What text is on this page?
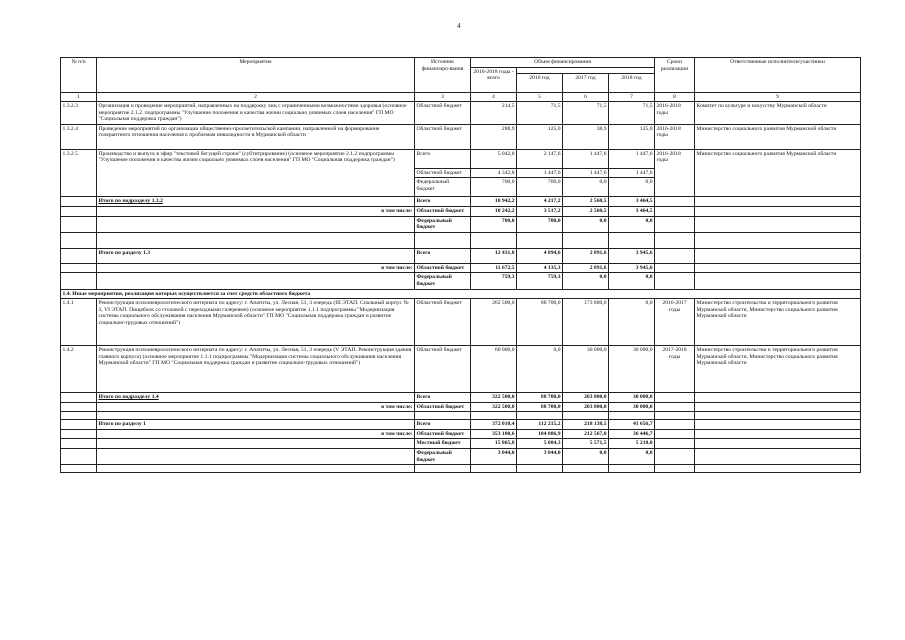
4
№ п/п	Мероприятие	Источник финансиро-вания	Объем финансирования				Сроки реализации	Ответственные исполнители/участники
			2016-2018 годы - всего					
				2016 год	2017 год	2018 год		
1	2	3	4	5	6	7	8	9
1.3.2.3	Организация и проведение мероприятий, направленных на поддержку лиц с ограниченными возможностями здоровья (основное мероприятие 2.1.2. подпрограммы "Улучшение положения и качества жизни социально уязвимых слоев населения" ГП МО "Социальная поддержка граждан")	Областной бюджет	214,5	71,5	71,5	71,5	2016-2018 годы	Комитет по культуре и искусству Мурманской области
1.3.2.4	Проведение мероприятий по организации общественно-просветительской кампании, направленной на формирование толерантного отношения населения к проблемам инвалидности в Мурманской области	Областной бюджет	288,9	125,0	38,9	125,0	2016-2018 годы	Министерство социального развития Мурманской области
1.3.2.5	Производство и выпуск в эфир "текстовой бегущей строки" (субтитрирование) (основное мероприятие 2.1.2 подпрограммы "Улучшение положения и качества жизни социально уязвимых слоев населения" ГП МО "Социальная поддержка граждан")	Всего	5 042,8	2 147,6	1 447,6	1 447,6	2016-2018 годы	Министерство социального развития Мурманской области
		Областной бюджет	4 342,8	1 447,6	1 447,6	1 447,6		
		Федеральный бюджет	700,0	700,0	0,0	0,0		
	Итого по подразделу 1.3.2	Всего	10 942,2	4 217,2	2 560,5	3 464,5		
	в том числе:	Областной бюджет	10 242,2	3 517,2	2 560,5	3 464,5		
		Федеральный бюджет	700,0	700,0	0,0	0,0		

	Итого по разделу 1.3	Всего	12 431,8	4 894,6	2 891,6	3 945,6		
	в том числе:	Областной бюджет	11 672,5	4 135,3	2 891,6	3 945,6		
		Федеральный бюджет	759,3	759,3	0,0	0,0		
1.4. Иные мероприятия, реализация которых осуществляется за счет средств областного бюджета								
1.4.1	Реконструкция психоневрологического интерната по адресу: г. Апатиты, ул. Лесная, 51, 3 очередь (III ЭТАП. Спальный корпус № 3, VI ЭТАП. Пищеблок со столовой с переходными галереями) (основное мероприятие 1.1.1 подпрограммы "Модернизация системы социального обслуживания населения Мурманской области" ГП МО "Социальная поддержка граждан и развитие социально-трудовых отношений")	Областной бюджет	262 500,0	88 700,0	173 800,0	0,0	2016-2017 годы	Министерство строительства и территориального развития Мурманской области, Министерство социального развития Мурманской области
1.4.2	Реконструкция психоневрологического интерната по адресу: г. Апатиты, ул. Лесная, 51, 3 очередь (V ЭТАП. Реконструкция здания главного корпуса) (основное мероприятие 1.1.1 подпрограммы "Модернизация системы социального обслуживания населения Мурманской области" ГП МО "Социальная поддержка граждан и развитие социально-трудовых отношений")	Областной бюджет	60 000,0	0,0	30 000,0	30 000,0	2017-2018 годы	Министерство строительства и территориального развития Мурманской области, Министерство социального развития Мурманской области
	Итого по подразделу 1.4	Всего	322 500,0	88 700,0	203 800,0	30 000,0		
	в том числе:	Областной бюджет	322 500,0	88 700,0	203 800,0	30 000,0		

	Итого по разделу 1	Всего	372 010,4	112 215,2	218 138,5	41 656,7		
	в том числе:	Областной бюджет	353 100,6	104 086,9	212 567,0	36 446,7		
		Местный бюджет	15 865,8	5 084,3	5 571,5	5 210,0		
		Федеральный бюджет	3 044,0	3 044,0	0,0	0,0		
